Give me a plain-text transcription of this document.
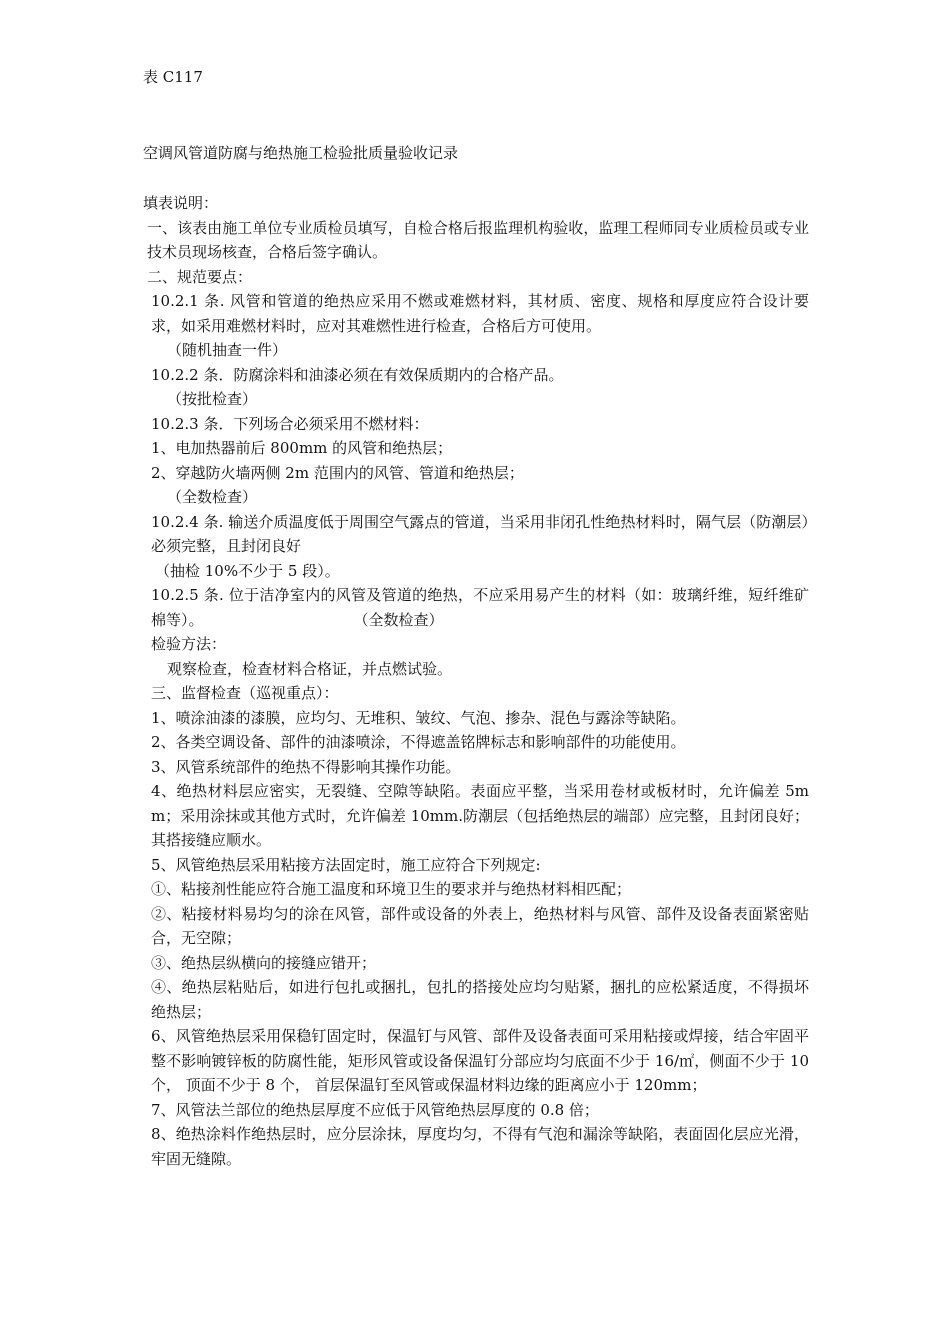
表 C117

空调风管道防腐与绝热施工检验批质量验收记录

填表说明：

一、该表由施工单位专业质检员填写，自检合格后报监理机构验收，监理工程师同专业质检员或专业技术员现场核查，合格后签字确认。

二、规范要点：

10.2.1 条. 风管和管道的绝热应采用不燃或难燃材料，其材质、密度、规格和厚度应符合设计要求，如采用难燃材料时，应对其难燃性进行检查，合格后方可使用。

（随机抽查一件）

10.2.2 条．防腐涂料和油漆必须在有效保质期内的合格产品。

（按批检查）

10.2.3 条．下列场合必须采用不燃材料：

1、电加热器前后 800mm 的风管和绝热层；

2、穿越防火墙两侧 2m 范围内的风管、管道和绝热层；

（全数检查）

10.2.4 条. 输送介质温度低于周围空气露点的管道，当采用非闭孔性绝热材料时，隔气层（防潮层）必须完整，且封闭良好

（抽检 10%不少于 5 段）。

10.2.5 条. 位于洁净室内的风管及管道的绝热，不应采用易产生的材料（如：玻璃纤维，短纤维矿棉等）。	（全数检查）

检验方法：

观察检查，检查材料合格证，并点燃试验。

三、监督检查（巡视重点）：

1、喷涂油漆的漆膜，应均匀、无堆积、皱纹、气泡、掺杂、混色与露涂等缺陷。

2、各类空调设备、部件的油漆喷涂，不得遮盖铭牌标志和影响部件的功能使用。

3、风管系统部件的绝热不得影响其操作功能。

4、绝热材料层应密实，无裂缝、空隙等缺陷。表面应平整，当采用卷材或板材时，允许偏差 5mm；采用涂抹或其他方式时，允许偏差 10mm.防潮层（包括绝热层的端部）应完整，且封闭良好；其搭接缝应顺水。

5、风管绝热层采用粘接方法固定时，施工应符合下列规定:

①、粘接剂性能应符合施工温度和环境卫生的要求并与绝热材料相匹配；

②、粘接材料易均匀的涂在风管，部件或设备的外表上，绝热材料与风管、部件及设备表面紧密贴合，无空隙；

③、绝热层纵横向的接缝应错开；

④、绝热层粘贴后，如进行包扎或捆扎，包扎的搭接处应均匀贴紧，捆扎的应松紧适度，不得损坏绝热层；

6、风管绝热层采用保稳钉固定时，保温钉与风管、部件及设备表面可采用粘接或焊接，结合牢固平整不影响镀锌板的防腐性能，矩形风管或设备保温钉分部应均匀底面不少于 16/㎡，侧面不少于 10 个， 顶面不少于 8 个， 首层保温钉至风管或保温材料边缘的距离应小于 120mm；

7、风管法兰部位的绝热层厚度不应低于风管绝热层厚度的 0.8 倍；

8、绝热涂料作绝热层时，应分层涂抹，厚度均匀，不得有气泡和漏涂等缺陷，表面固化层应光滑，牢固无缝隙。
